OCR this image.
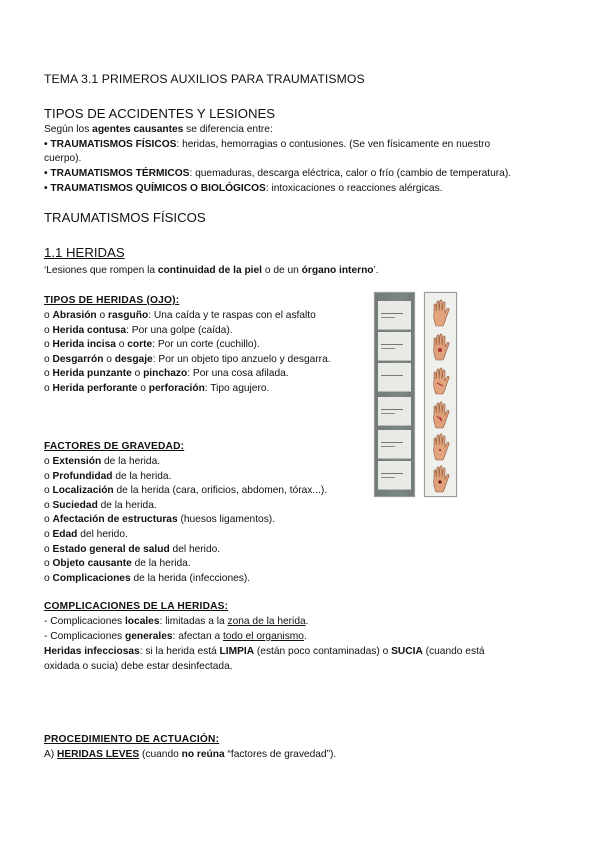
TEMA 3.1 PRIMEROS AUXILIOS PARA TRAUMATISMOS
TIPOS DE ACCIDENTES Y LESIONES
Según los agentes causantes se diferencia entre:
• TRAUMATISMOS FÍSICOS: heridas, hemorragias o contusiones. (Se ven físicamente en nuestro
cuerpo).
• TRAUMATISMOS TÉRMICOS: quemaduras, descarga eléctrica, calor o frío (cambio de temperatura).
• TRAUMATISMOS QUÍMICOS O BIOLÓGICOS: intoxicaciones o reacciones alérgicas.
TRAUMATISMOS FÍSICOS
1.1 HERIDAS
‘Lesiones que rompen la continuidad de la piel o de un órgano interno’.
TIPOS DE HERIDAS (OJO):
o Abrasión o rasguño: Una caída y te raspas con el asfalto
o Herida contusa: Por una golpe (caída).
o Herida incisa o corte: Por un corte (cuchillo).
o Desgarrón o desgaje: Por un objeto tipo anzuelo y desgarra.
o Herida punzante o pinchazo: Por una cosa afilada.
o Herida perforante o perforación: Tipo agujero.
FACTORES DE GRAVEDAD:
o Extensión de la herida.
o Profundidad de la herida.
o Localización de la herida (cara, orificios, abdomen, tórax...).
o Suciedad de la herida.
o Afectación de estructuras (huesos ligamentos).
o Edad del herido.
o Estado general de salud del herido.
o Objeto causante de la herida.
o Complicaciones de la herida (infecciones).
COMPLICACIONES DE LA HERIDAS:
- Complicaciones locales: limitadas a la zona de la herida.
- Complicaciones generales: afectan a todo el organismo.
Heridas infecciosas: si la herida está LIMPIA (están poco contaminadas) o SUCIA (cuando está
oxidada o sucia) debe estar desinfectada.
PROCEDIMIENTO DE ACTUACIÓN:
A) HERIDAS LEVES (cuando no reúna “factores de gravedad”).
